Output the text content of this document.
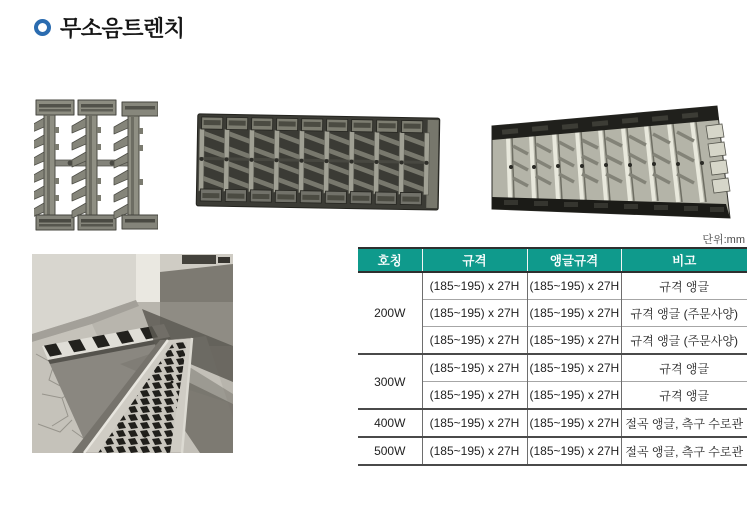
무소음트렌치
단위:mm
호칭	규격	앵글규격	비고
200W	(185~195) x 27H	(185~195) x 27H	규격 앵글
	(185~195) x 27H	(185~195) x 27H	규격 앵글 (주문사양)
	(185~195) x 27H	(185~195) x 27H	규격 앵글 (주문사양)
300W	(185~195) x 27H	(185~195) x 27H	규격 앵글
	(185~195) x 27H	(185~195) x 27H	규격 앵글
400W	(185~195) x 27H	(185~195) x 27H	절곡 앵글, 측구 수로관
500W	(185~195) x 27H	(185~195) x 27H	절곡 앵글, 측구 수로관
